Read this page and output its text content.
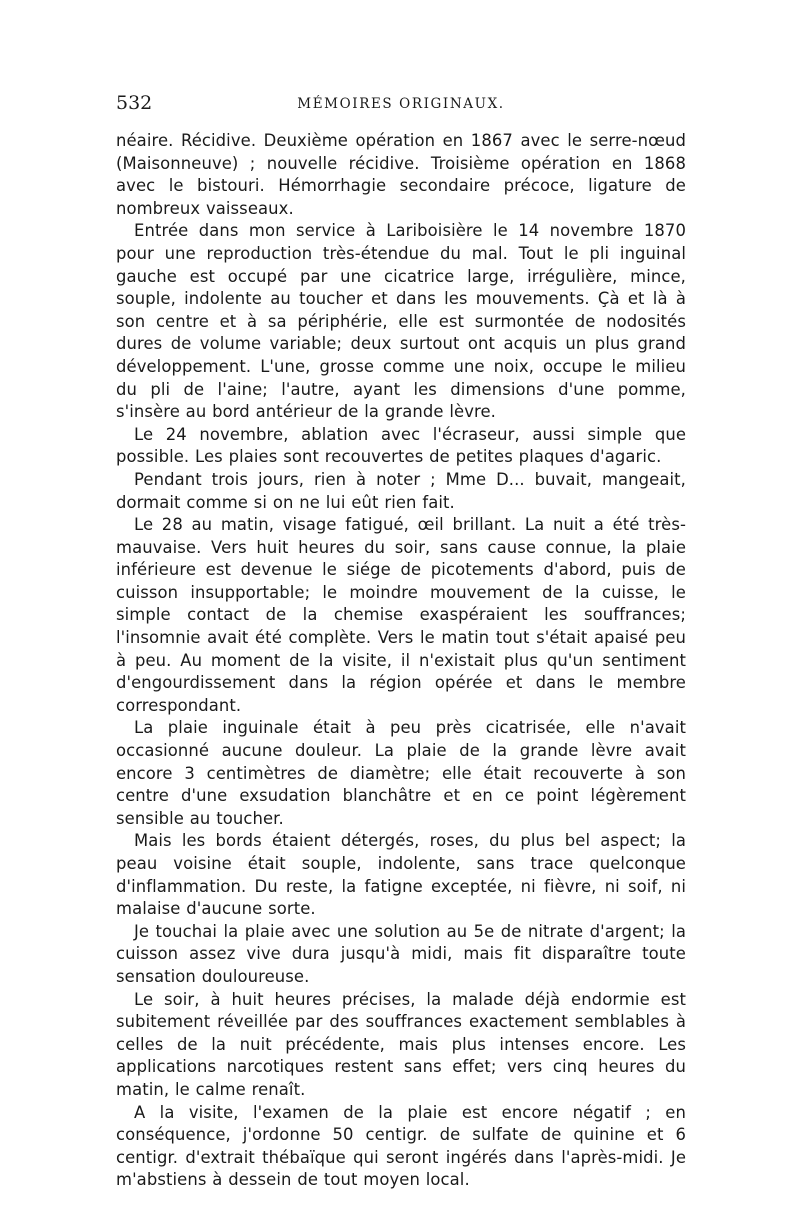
532	MÉMOIRES ORIGINAUX.

néaire. Récidive. Deuxième opération en 1867 avec le serre-nœud (Maisonneuve) ; nouvelle récidive. Troisième opération en 1868 avec le bistouri. Hémorrhagie secondaire précoce, ligature de nombreux vaisseaux.

Entrée dans mon service à Lariboisière le 14 novembre 1870 pour une reproduction très-étendue du mal. Tout le pli inguinal gauche est occupé par une cicatrice large, irrégulière, mince, souple, indolente au toucher et dans les mouvements. Çà et là à son centre et à sa périphérie, elle est surmontée de nodosités dures de volume variable; deux surtout ont acquis un plus grand développement. L'une, grosse comme une noix, occupe le milieu du pli de l'aine; l'autre, ayant les dimensions d'une pomme, s'insère au bord antérieur de la grande lèvre.

Le 24 novembre, ablation avec l'écraseur, aussi simple que possible. Les plaies sont recouvertes de petites plaques d'agaric.

Pendant trois jours, rien à noter ; Mme D... buvait, mangeait, dormait comme si on ne lui eût rien fait.

Le 28 au matin, visage fatigué, œil brillant. La nuit a été très-mauvaise. Vers huit heures du soir, sans cause connue, la plaie inférieure est devenue le siége de picotements d'abord, puis de cuisson insupportable; le moindre mouvement de la cuisse, le simple contact de la chemise exaspéraient les souffrances; l'insomnie avait été complète. Vers le matin tout s'était apaisé peu à peu. Au moment de la visite, il n'existait plus qu'un sentiment d'engourdissement dans la région opérée et dans le membre correspondant.

La plaie inguinale était à peu près cicatrisée, elle n'avait occasionné aucune douleur. La plaie de la grande lèvre avait encore 3 centimètres de diamètre; elle était recouverte à son centre d'une exsudation blanchâtre et en ce point légèrement sensible au toucher.

Mais les bords étaient détergés, roses, du plus bel aspect; la peau voisine était souple, indolente, sans trace quelconque d'inflammation. Du reste, la fatigne exceptée, ni fièvre, ni soif, ni malaise d'aucune sorte.

Je touchai la plaie avec une solution au 5e de nitrate d'argent; la cuisson assez vive dura jusqu'à midi, mais fit disparaître toute sensation douloureuse.

Le soir, à huit heures précises, la malade déjà endormie est subitement réveillée par des souffrances exactement semblables à celles de la nuit précédente, mais plus intenses encore. Les applications narcotiques restent sans effet; vers cinq heures du matin, le calme renaît.

A la visite, l'examen de la plaie est encore négatif ; en conséquence, j'ordonne 50 centigr. de sulfate de quinine et 6 centigr. d'extrait thébaïque qui seront ingérés dans l'après-midi. Je m'abstiens à dessein de tout moyen local.
